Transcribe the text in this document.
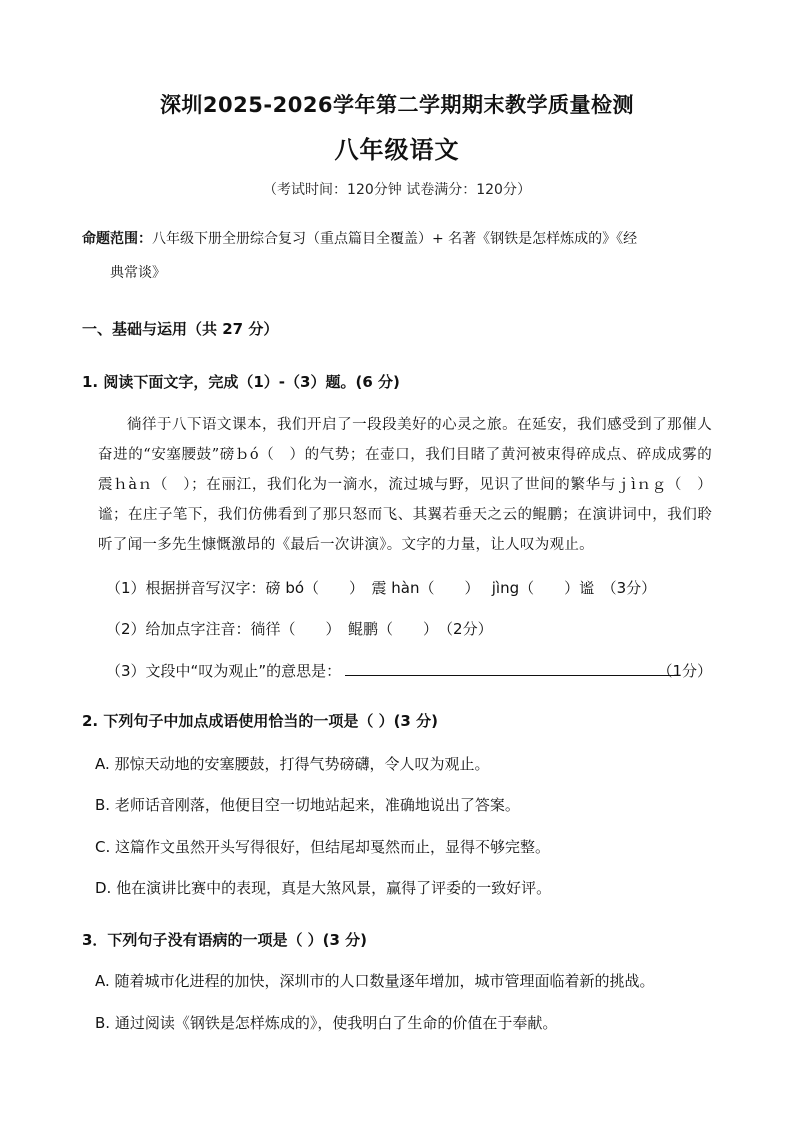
深圳2025-2026学年第二学期期末教学质量检测
八年级语文
（考试时间：120分钟 试卷满分：120分）
命题范围：八年级下册全册综合复习（重点篇目全覆盖）+ 名著《钢铁是怎样炼成的》《经
典常谈》
一、基础与运用（共 27 分）
1. 阅读下面文字，完成（1）-（3）题。(6 分)
徜徉于八下语文课本，我们开启了一段段美好的心灵之旅。在延安，我们感受到了那催人奋进的“安塞腰鼓”磅ｂó（　）的气势；在壶口，我们目睹了黄河被束得碎成点、碎成成雾的震ｈàｎ（　）；在丽江，我们化为一滴水，流过城与野，见识了世间的繁华与ｊìｎｇ（　）谧；在庄子笔下，我们仿佛看到了那只怒而飞、其翼若垂天之云的鲲鹏；在演讲词中，我们聆听了闻一多先生慷慨激昂的《最后一次讲演》。文字的力量，让人叹为观止。
（1）根据拼音写汉字：磅 bó（　　）　震 hàn（　　）　 jìng（　　）谧　（3分）
（2）给加点字注音：徜徉（　　）　鲲鹏（　　）　（2分）
（3）文段中“叹为观止”的意思是：	（1分）
2. 下列句子中加点成语使用恰当的一项是（ ）(3 分)
A. 那惊天动地的安塞腰鼓，打得气势磅礴，令人叹为观止。
B. 老师话音刚落，他便目空一切地站起来，准确地说出了答案。
C. 这篇作文虽然开头写得很好，但结尾却戛然而止，显得不够完整。
D. 他在演讲比赛中的表现，真是大煞风景，赢得了评委的一致好评。
3．下列句子没有语病的一项是（ ）(3 分)
A. 随着城市化进程的加快，深圳市的人口数量逐年增加，城市管理面临着新的挑战。
B. 通过阅读《钢铁是怎样炼成的》，使我明白了生命的价值在于奉献。
